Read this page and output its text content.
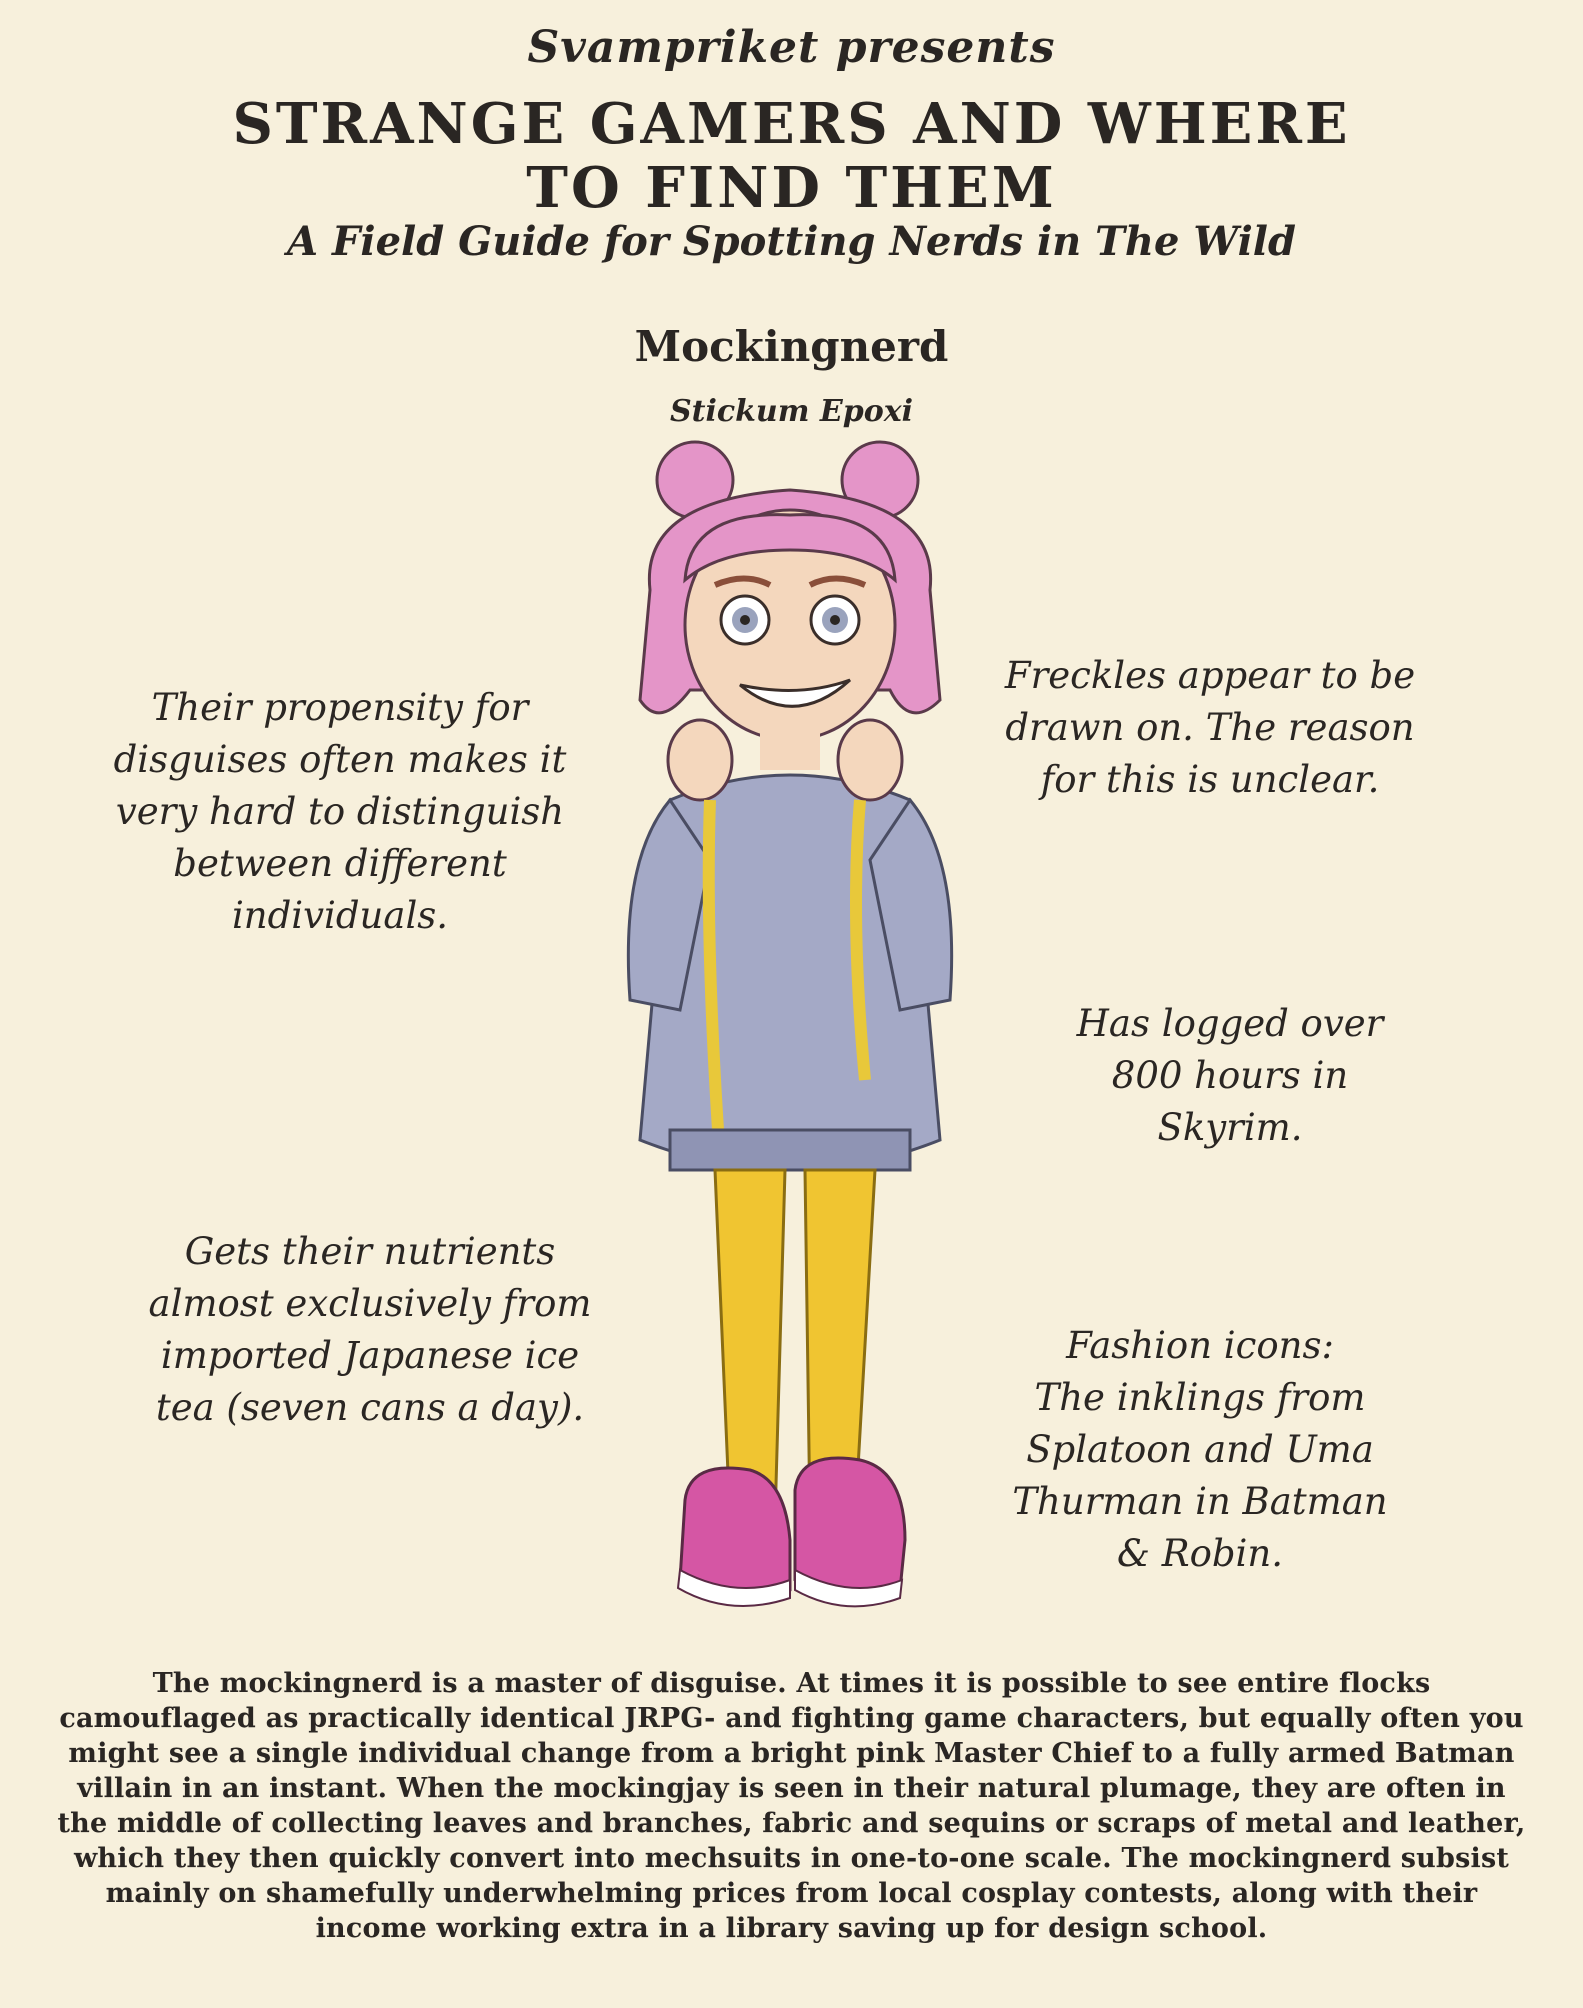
Svampriket presents
STRANGE GAMERS AND WHERE TO FIND THEM
A Field Guide for Spotting Nerds in The Wild
Mockingnerd
Stickum Epoxi
Their propensity for
disguises often makes it
very hard to distinguish
between different
individuals.
Freckles appear to be
drawn on. The reason
for this is unclear.
Has logged over
800 hours in
Skyrim.
Gets their nutrients
almost exclusively from
imported Japanese ice
tea (seven cans a day).
Fashion icons:
The inklings from
Splatoon and Uma
Thurman in Batman
& Robin.
The mockingnerd is a master of disguise. At times it is possible to see entire flocks camouflaged as practically identical JRPG- and fighting game characters, but equally often you might see a single individual change from a bright pink Master Chief to a fully armed Batman villain in an instant. When the mockingjay is seen in their natural plumage, they are often in the middle of collecting leaves and branches, fabric and sequins or scraps of metal and leather, which they then quickly convert into mechsuits in one-to-one scale. The mockingnerd subsist mainly on shamefully underwhelming prices from local cosplay contests, along with their income working extra in a library saving up for design school.
